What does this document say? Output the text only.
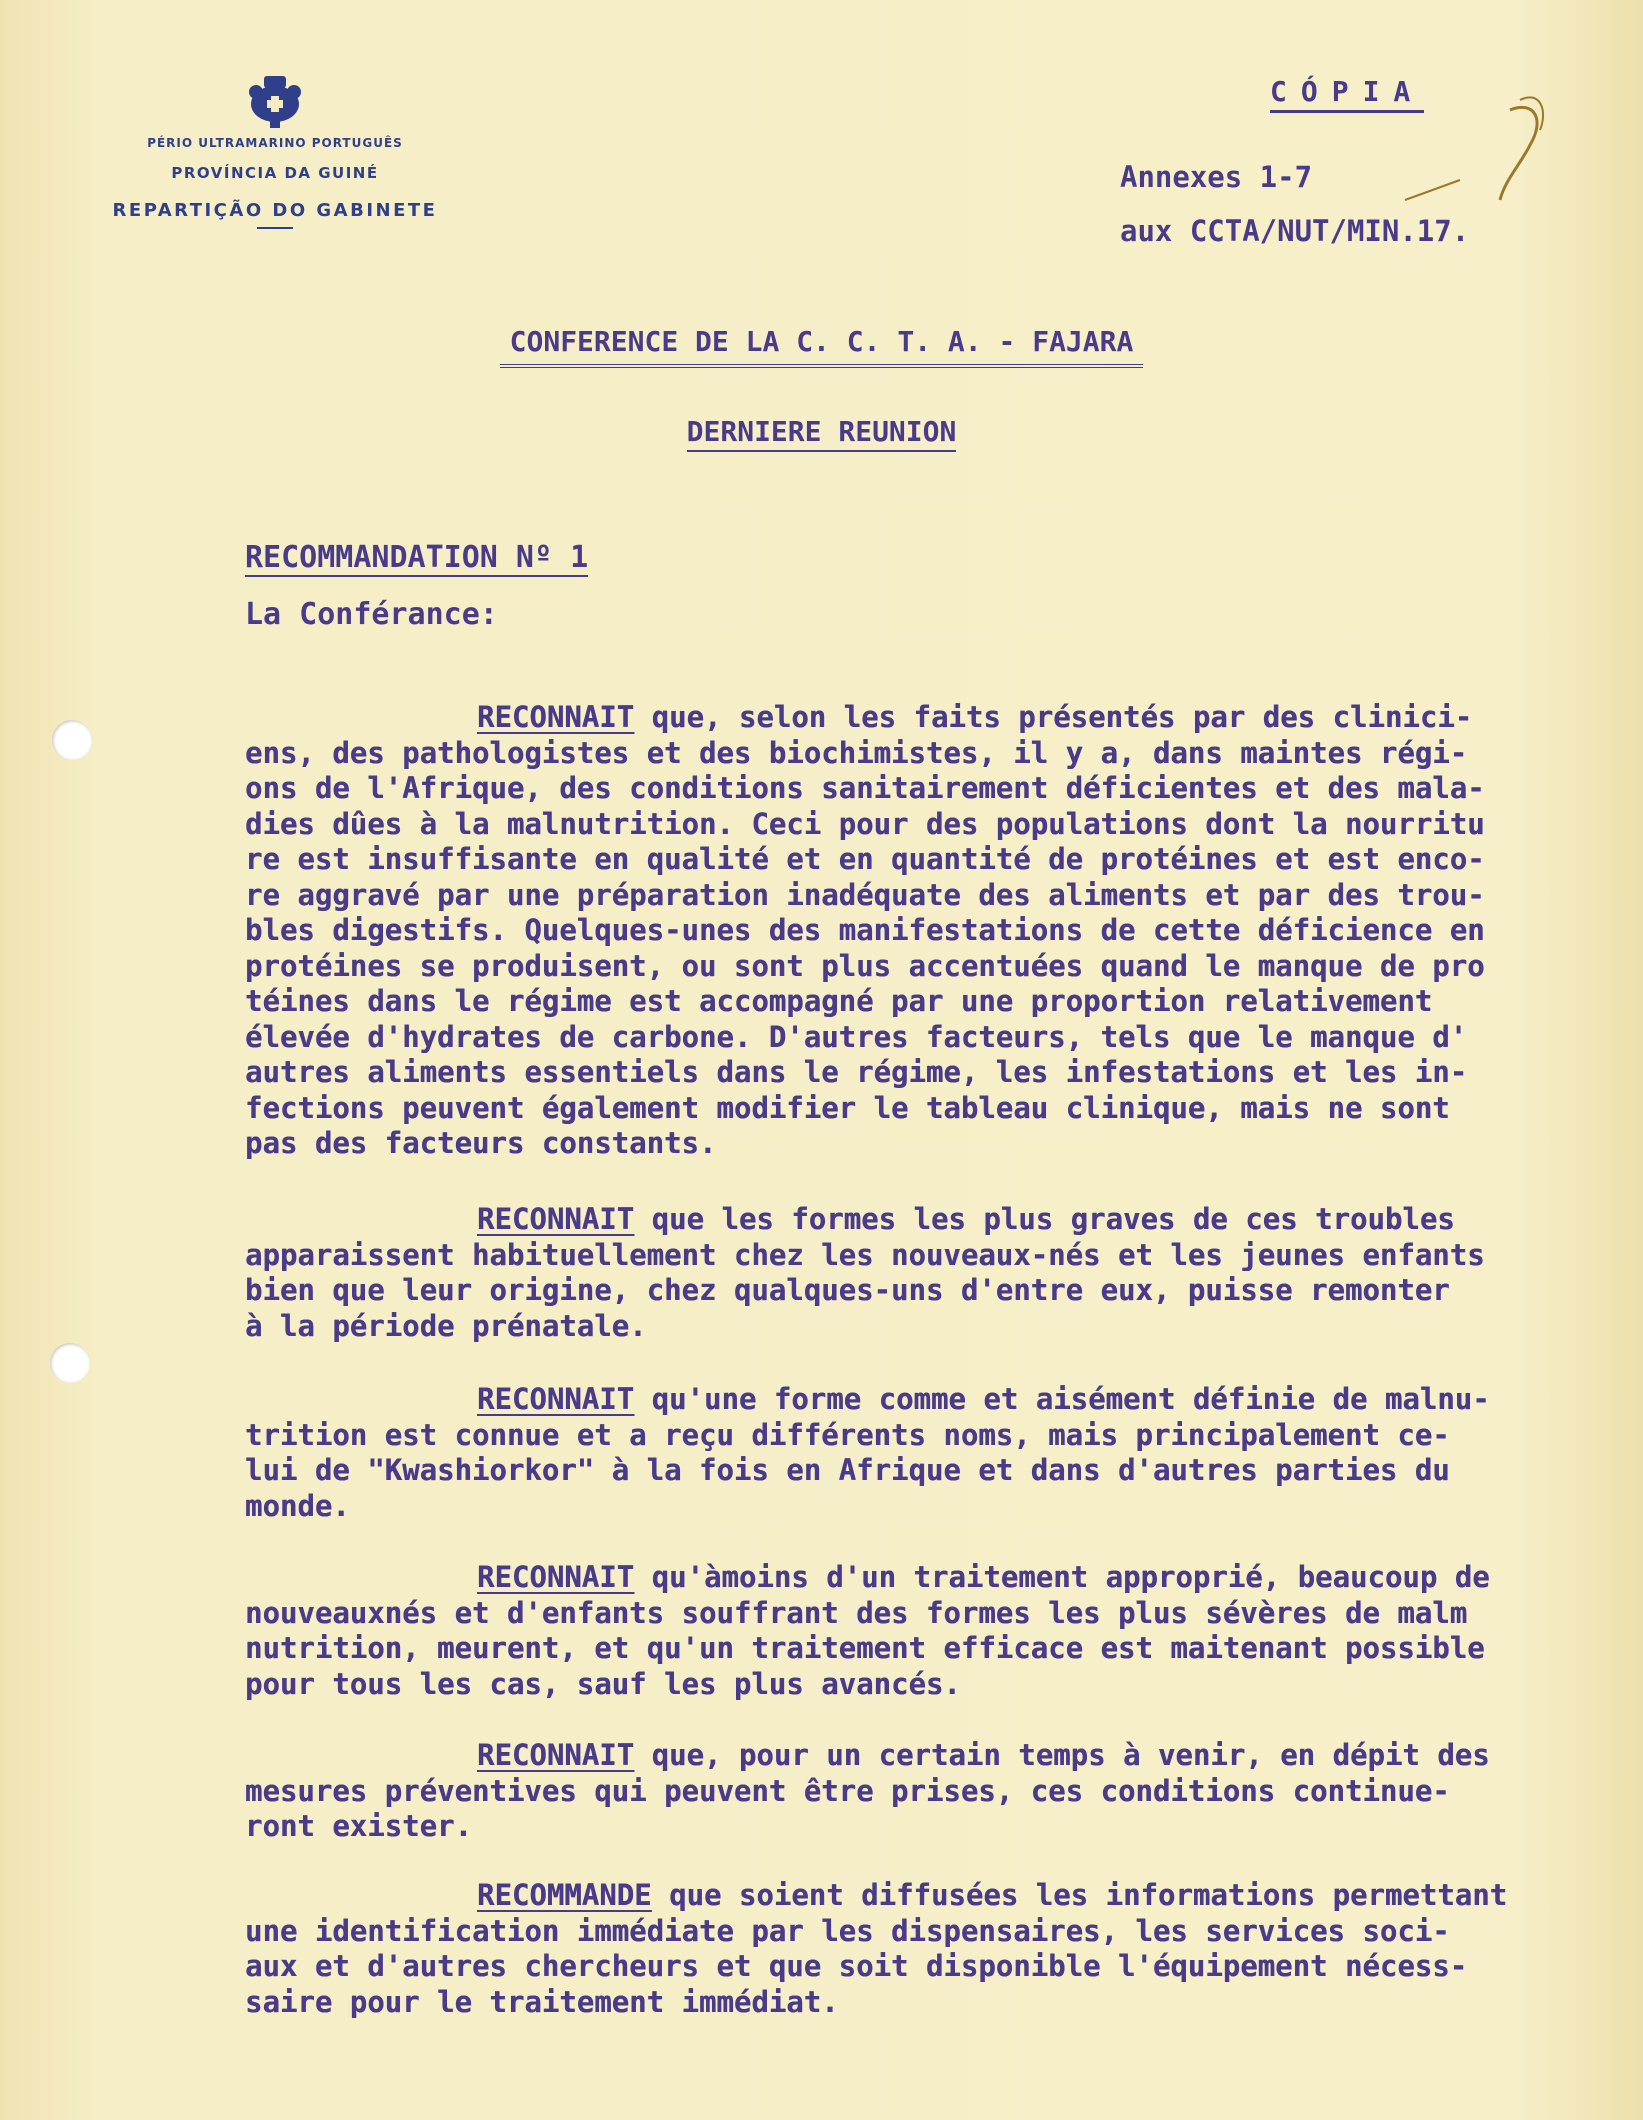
PÉRIO ULTRAMARINO PORTUGUÊS
PROVÍNCIA DA GUINÉ
REPARTIÇÃO DO GABINETE
CÓPIA
Annexes 1-7
aux CCTA/NUT/MIN.17.
CONFERENCE DE LA C. C. T. A. - FAJARA
DERNIERE REUNION
RECOMMANDATION Nº 1
La Conférance:
RECONNAIT que, selon les faits présentés par des clinici-
ens, des pathologistes et des biochimistes, il y a, dans maintes régi-
ons de l'Afrique, des conditions sanitairement déficientes et des mala-
dies dûes à la malnutrition. Ceci pour des populations dont la nourritu
re est insuffisante en qualité et en quantité de protéines et est enco-
re aggravé par une préparation inadéquate des aliments et par des trou-
bles digestifs. Quelques-unes des manifestations de cette déficience en
protéines se produisent, ou sont plus accentuées quand le manque de pro
téines dans le régime est accompagné par une proportion relativement
élevée d'hydrates de carbone. D'autres facteurs, tels que le manque d'
autres aliments essentiels dans le régime, les infestations et les in-
fections peuvent également modifier le tableau clinique, mais ne sont
pas des facteurs constants.
RECONNAIT que les formes les plus graves de ces troubles
apparaissent habituellement chez les nouveaux-nés et les jeunes enfants
bien que leur origine, chez qualques-uns d'entre eux, puisse remonter
à la période prénatale.
RECONNAIT qu'une forme comme et aisément définie de malnu-
trition est connue et a reçu différents noms, mais principalement ce-
lui de "Kwashiorkor" à la fois en Afrique et dans d'autres parties du
monde.
RECONNAIT qu'àmoins d'un traitement approprié, beaucoup de
nouveauxnés et d'enfants souffrant des formes les plus sévères de malm
nutrition, meurent, et qu'un traitement efficace est maitenant possible
pour tous les cas, sauf les plus avancés.
RECONNAIT que, pour un certain temps à venir, en dépit des
mesures préventives qui peuvent être prises, ces conditions continue-
ront exister.
RECOMMANDE que soient diffusées les informations permettant
une identification immédiate par les dispensaires, les services soci-
aux et d'autres chercheurs et que soit disponible l'équipement nécess-
saire pour le traitement immédiat.
